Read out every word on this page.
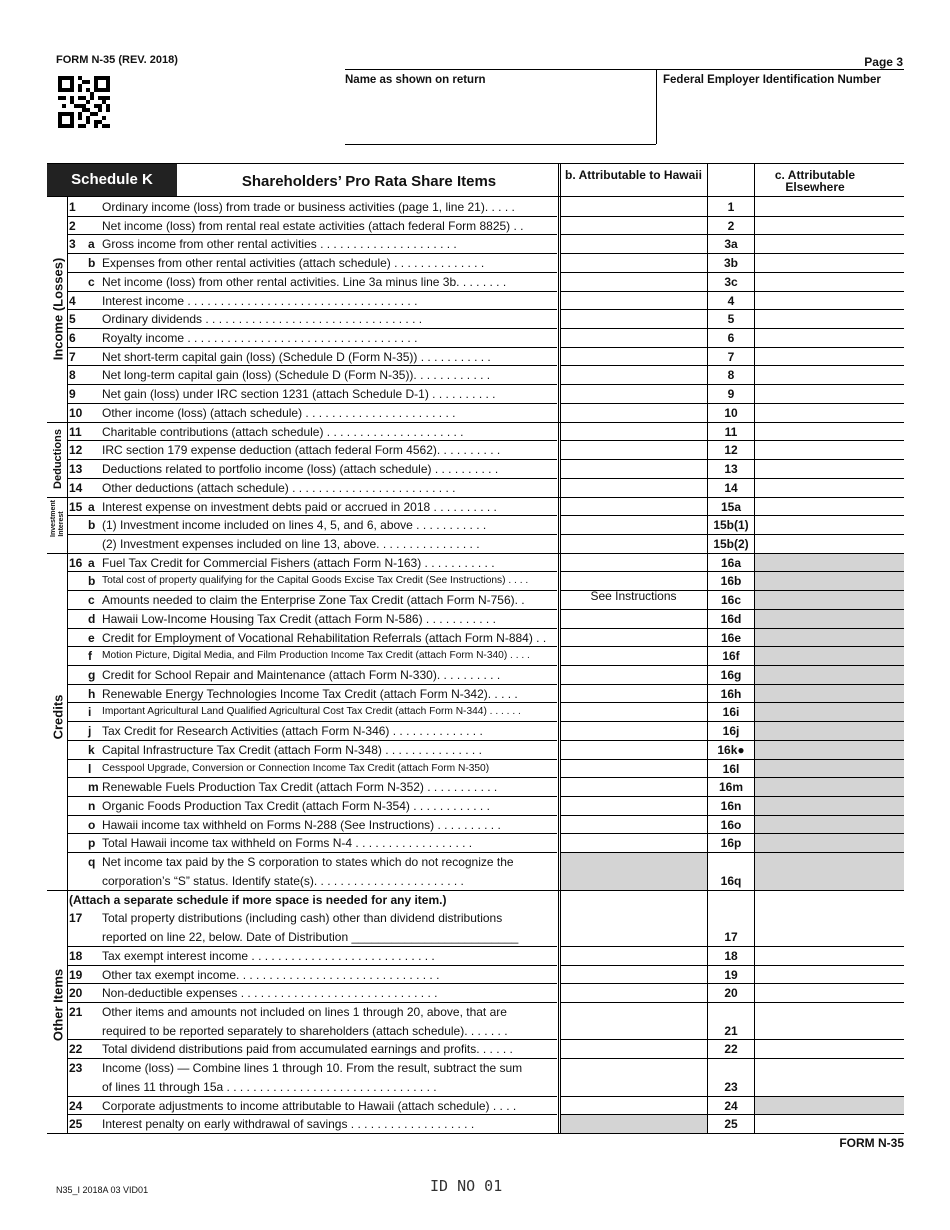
FORM N-35 (REV. 2018)	Page 3
Name as shown on return	Federal Employer Identification Number
Schedule K	Shareholders’ Pro Rata Share Items	b. Attributable to Hawaii	c. Attributable Elsewhere
1 Ordinary income (loss) from trade or business activities (page 1, line 21). . . . .	1
2 Net income (loss) from rental real estate activities (attach federal Form 8825) . .	2
3 a Gross income from other rental activities . . . . . . . . . . . . . . . . . . . . .	3a
b Expenses from other rental activities (attach schedule) . . . . . . . . . . . . . .	3b
c Net income (loss) from other rental activities. Line 3a minus line 3b. . . . . . . .	3c
4 Interest income . . . . . . . . . . . . . . . . . . . . . . . . . . . . . . . . . . .	4
5 Ordinary dividends . . . . . . . . . . . . . . . . . . . . . . . . . . . . . . . . .	5
6 Royalty income . . . . . . . . . . . . . . . . . . . . . . . . . . . . . . . . . . .	6
7 Net short-term capital gain (loss) (Schedule D (Form N-35)) . . . . . . . . . . .	7
8 Net long-term capital gain (loss) (Schedule D (Form N-35)). . . . . . . . . . . .	8
9 Net gain (loss) under IRC section 1231 (attach Schedule D-1) . . . . . . . . . .	9
10 Other income (loss) (attach schedule) . . . . . . . . . . . . . . . . . . . . . . .	10
11 Charitable contributions (attach schedule) . . . . . . . . . . . . . . . . . . . . .	11
12 IRC section 179 expense deduction (attach federal Form 4562). . . . . . . . . .	12
13 Deductions related to portfolio income (loss) (attach schedule) . . . . . . . . . .	13
14 Other deductions (attach schedule) . . . . . . . . . . . . . . . . . . . . . . . . .	14
15 a Interest expense on investment debts paid or accrued in 2018 . . . . . . . . . .	15a
b (1) Investment income included on lines 4, 5, and 6, above . . . . . . . . . . .	15b(1)
(2) Investment expenses included on line 13, above. . . . . . . . . . . . . . . .	15b(2)
16 a Fuel Tax Credit for Commercial Fishers (attach Form N-163) . . . . . . . . . . .	16a
b Total cost of property qualifying for the Capital Goods Excise Tax Credit (See Instructions) . . . .	16b
c Amounts needed to claim the Enterprise Zone Tax Credit (attach Form N-756). .	16c
d Hawaii Low-Income Housing Tax Credit (attach Form N-586) . . . . . . . . . . .	16d
e Credit for Employment of Vocational Rehabilitation Referrals (attach Form N-884) . .	16e
f Motion Picture, Digital Media, and Film Production Income Tax Credit (attach Form N-340) . . . .	16f
g Credit for School Repair and Maintenance (attach Form N-330). . . . . . . . . .	16g
h Renewable Energy Technologies Income Tax Credit (attach Form N-342). . . . .	16h
i Important Agricultural Land Qualified Agricultural Cost Tax Credit (attach Form N-344) . . . . . .	16i
j Tax Credit for Research Activities (attach Form N-346) . . . . . . . . . . . . . .	16j
k Capital Infrastructure Tax Credit (attach Form N-348) . . . . . . . . . . . . . . .	16k●
l Cesspool Upgrade, Conversion or Connection Income Tax Credit (attach Form N-350)	16l
m Renewable Fuels Production Tax Credit (attach Form N-352) . . . . . . . . . . .	16m
n Organic Foods Production Tax Credit (attach Form N-354) . . . . . . . . . . . .	16n
o Hawaii income tax withheld on Forms N-288 (See Instructions) . . . . . . . . . .	16o
p Total Hawaii income tax withheld on Forms N-4 . . . . . . . . . . . . . . . . . .	16p
q Net income tax paid by the S corporation to states which do not recognize the
corporation’s “S” status. Identify state(s). . . . . . . . . . . . . . . . . . . . . . .	16q
(Attach a separate schedule if more space is needed for any item.)
17 Total property distributions (including cash) other than dividend distributions
reported on line 22, below. Date of Distribution _________________________	17
18 Tax exempt interest income . . . . . . . . . . . . . . . . . . . . . . . . . . . .	18
19 Other tax exempt income. . . . . . . . . . . . . . . . . . . . . . . . . . . . . . .	19
20 Non-deductible expenses . . . . . . . . . . . . . . . . . . . . . . . . . . . . . .	20
21 Other items and amounts not included on lines 1 through 20, above, that are
required to be reported separately to shareholders (attach schedule). . . . . . .	21
22 Total dividend distributions paid from accumulated earnings and profits. . . . . .	22
23 Income (loss) — Combine lines 1 through 10. From the result, subtract the sum
of lines 11 through 15a . . . . . . . . . . . . . . . . . . . . . . . . . . . . . . . .	23
24 Corporate adjustments to income attributable to Hawaii (attach schedule) . . . .	24
25 Interest penalty on early withdrawal of savings . . . . . . . . . . . . . . . . . . .	25
Income (Losses)
Deductions
Investment Interest
Credits
Other Items
See Instructions
FORM N-35
N35_I 2018A 03 VID01	ID NO 01
